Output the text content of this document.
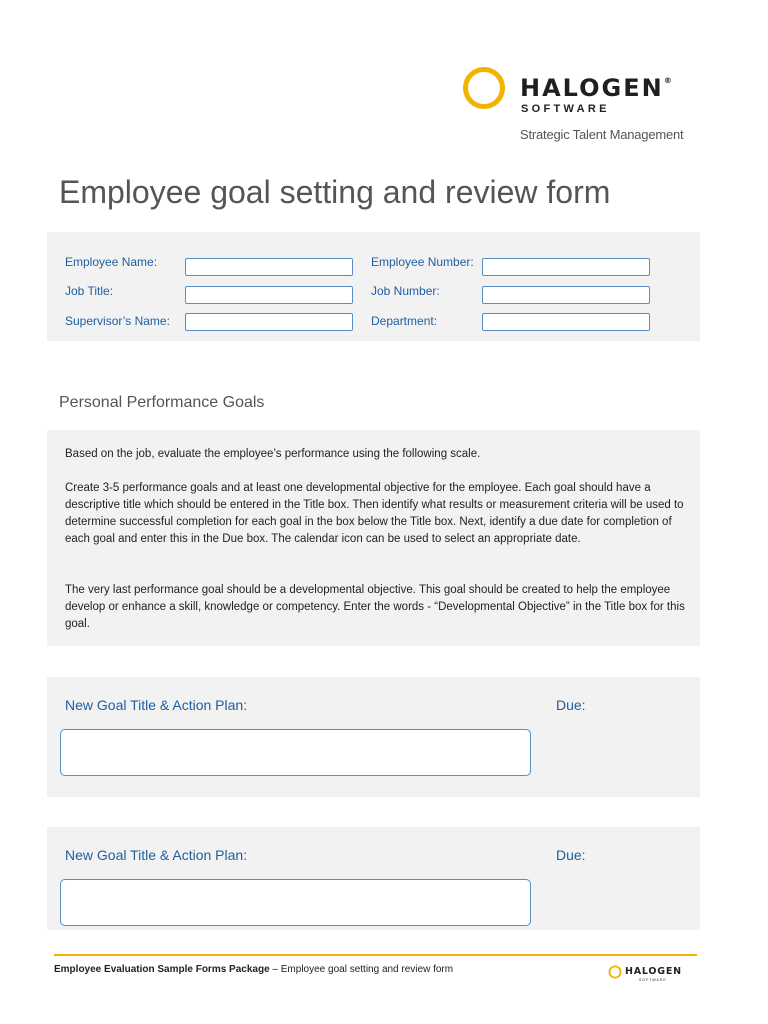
HALOGEN®
SOFTWARE
Strategic Talent Management
Employee goal setting and review form
Employee Name:	Employee Number:
Job Title:	Job Number:
Supervisor’s Name:	Department:
Personal Performance Goals

Based on the job, evaluate the employee’s performance using the following scale.

Create 3-5 performance goals and at least one developmental objective for the employee. Each goal should have a descriptive title which should be entered in the Title box. Then identify what results or measurement criteria will be used to determine successful completion for each goal in the box below the Title box. Next, identify a due date for completion of each goal and enter this in the Due box. The calendar icon can be used to select an appropriate date.

The very last performance goal should be a developmental objective. This goal should be created to help the employee develop or enhance a skill, knowledge or competency. Enter the words - “Developmental Objective” in the Title box for this goal.

New Goal Title & Action Plan:	Due:
New Goal Title & Action Plan:	Due:
Employee Evaluation Sample Forms Package – Employee goal setting and review form	HALOGEN
SOFTWARE
